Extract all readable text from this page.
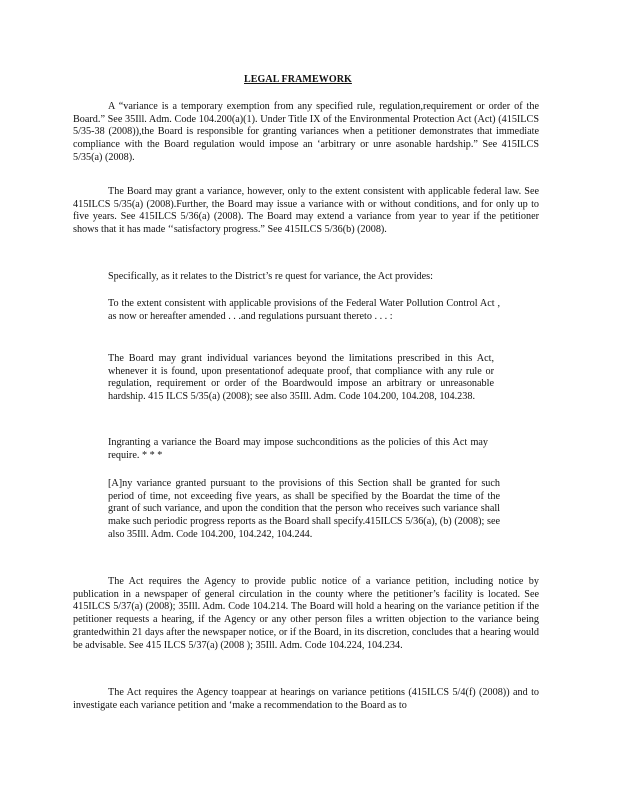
LEGAL FRAMEWORK

A “variance is a temporary exemption from any specified rule, regulation,requirement or order of the Board.” See 35Ill. Adm. Code 104.200(a)(1). Under Title IX of the Environmental Protection Act (Act) (415ILCS 5/35-38 (2008)),the Board is responsible for granting variances when a petitioner demonstrates that immediate compliance with the Board regulation would impose an ‘arbitrary or unre asonable hardship.” See 415ILCS 5/35(a) (2008).

The Board may grant a variance, however, only to the extent consistent with applicable federal law. See 415ILCS 5/35(a) (2008).Further, the Board may issue a variance with or without conditions, and for only up to five years. See 415ILCS 5/36(a) (2008). The Board may extend a variance from year to year if the petitioner shows that it has made ‘‘satisfactory progress.” See 415ILCS 5/36(b) (2008).

Specifically, as it relates to the District’s re quest for variance, the Act provides:

To the extent consistent with applicable provisions of the Federal Water Pollution Control Act , as now or hereafter amended . . .and regulations pursuant thereto . . . :

The Board may grant individual variances beyond the limitations prescribed in this Act, whenever it is found, upon presentationof adequate proof, that compliance with any rule or regulation, requirement or order of the Boardwould impose an arbitrary or unreasonable hardship. 415 ILCS 5/35(a) (2008); see also 35Ill. Adm. Code 104.200, 104.208, 104.238.

Ingranting a variance the Board may impose suchconditions as the policies of this Act may require. * * *

[A]ny variance granted pursuant to the provisions of this Section shall be granted for such period of time, not exceeding five years, as shall be specified by the Boardat the time of the grant of such variance, and upon the condition that the person who receives such variance shall make such periodic progress reports as the Board shall specify.415ILCS 5/36(a), (b) (2008); see also 35Ill. Adm. Code 104.200, 104.242, 104.244.

The Act requires the Agency to provide public notice of a variance petition, including notice by publication in a newspaper of general circulation in the county where the petitioner’s facility is located. See 415ILCS 5/37(a) (2008); 35Ill. Adm. Code 104.214. The Board will hold a hearing on the variance petition if the petitioner requests a hearing, if the Agency or any other person files a written objection to the variance being grantedwithin 21 days after the newspaper notice, or if the Board, in its discretion, concludes that a hearing would be advisable. See 415 ILCS 5/37(a) (2008 ); 35Ill. Adm. Code 104.224, 104.234.

The Act requires the Agency toappear at hearings on variance petitions (415ILCS 5/4(f) (2008)) and to investigate each variance petition and ‘make a recommendation to the Board as to
